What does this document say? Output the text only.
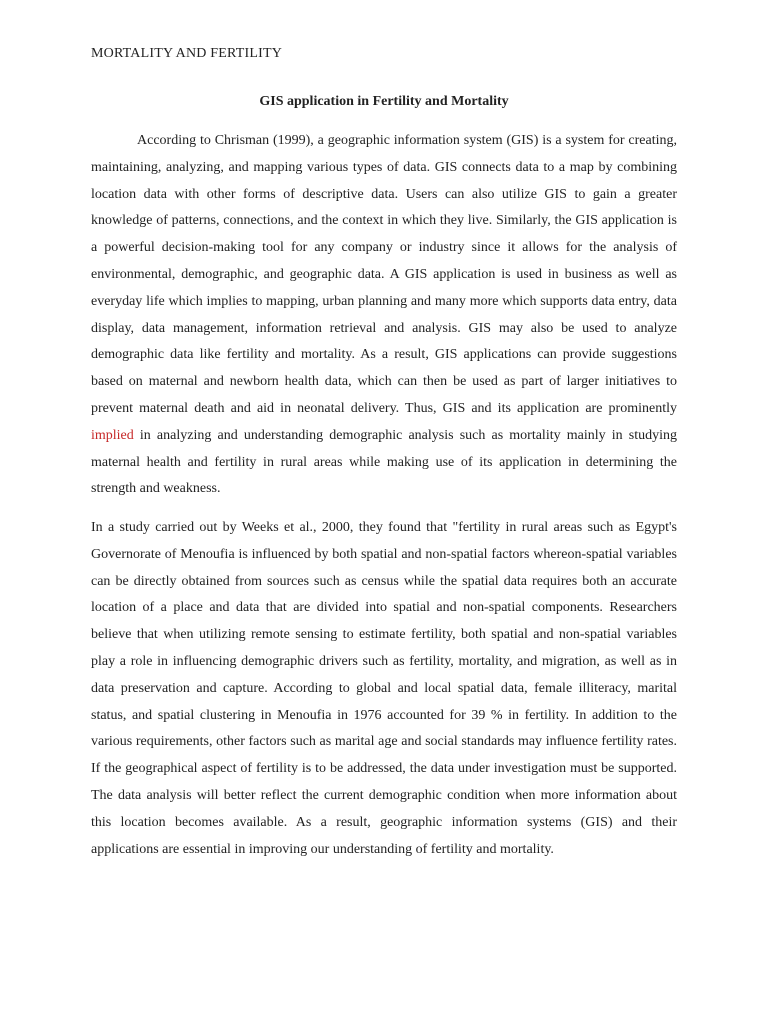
MORTALITY AND FERTILITY
GIS application in Fertility and Mortality

According to Chrisman (1999), a geographic information system (GIS) is a system for creating, maintaining, analyzing, and mapping various types of data. GIS connects data to a map by combining location data with other forms of descriptive data. Users can also utilize GIS to gain a greater knowledge of patterns, connections, and the context in which they live. Similarly, the GIS application is a powerful decision-making tool for any company or industry since it allows for the analysis of environmental, demographic, and geographic data. A GIS application is used in business as well as everyday life which implies to mapping, urban planning and many more which supports data entry, data display, data management, information retrieval and analysis. GIS may also be used to analyze demographic data like fertility and mortality. As a result, GIS applications can provide suggestions based on maternal and newborn health data, which can then be used as part of larger initiatives to prevent maternal death and aid in neonatal delivery. Thus, GIS and its application are prominently implied in analyzing and understanding demographic analysis such as mortality mainly in studying maternal health and fertility in rural areas while making use of its application in determining the strength and weakness.

In a study carried out by Weeks et al., 2000, they found that "fertility in rural areas such as Egypt's Governorate of Menoufia is influenced by both spatial and non-spatial factors whereon-spatial variables can be directly obtained from sources such as census while the spatial data requires both an accurate location of a place and data that are divided into spatial and non-spatial components. Researchers believe that when utilizing remote sensing to estimate fertility, both spatial and non-spatial variables play a role in influencing demographic drivers such as fertility, mortality, and migration, as well as in data preservation and capture. According to global and local spatial data, female illiteracy, marital status, and spatial clustering in Menoufia in 1976 accounted for 39 % in fertility. In addition to the various requirements, other factors such as marital age and social standards may influence fertility rates. If the geographical aspect of fertility is to be addressed, the data under investigation must be supported. The data analysis will better reflect the current demographic condition when more information about this location becomes available. As a result, geographic information systems (GIS) and their applications are essential in improving our understanding of fertility and mortality.
